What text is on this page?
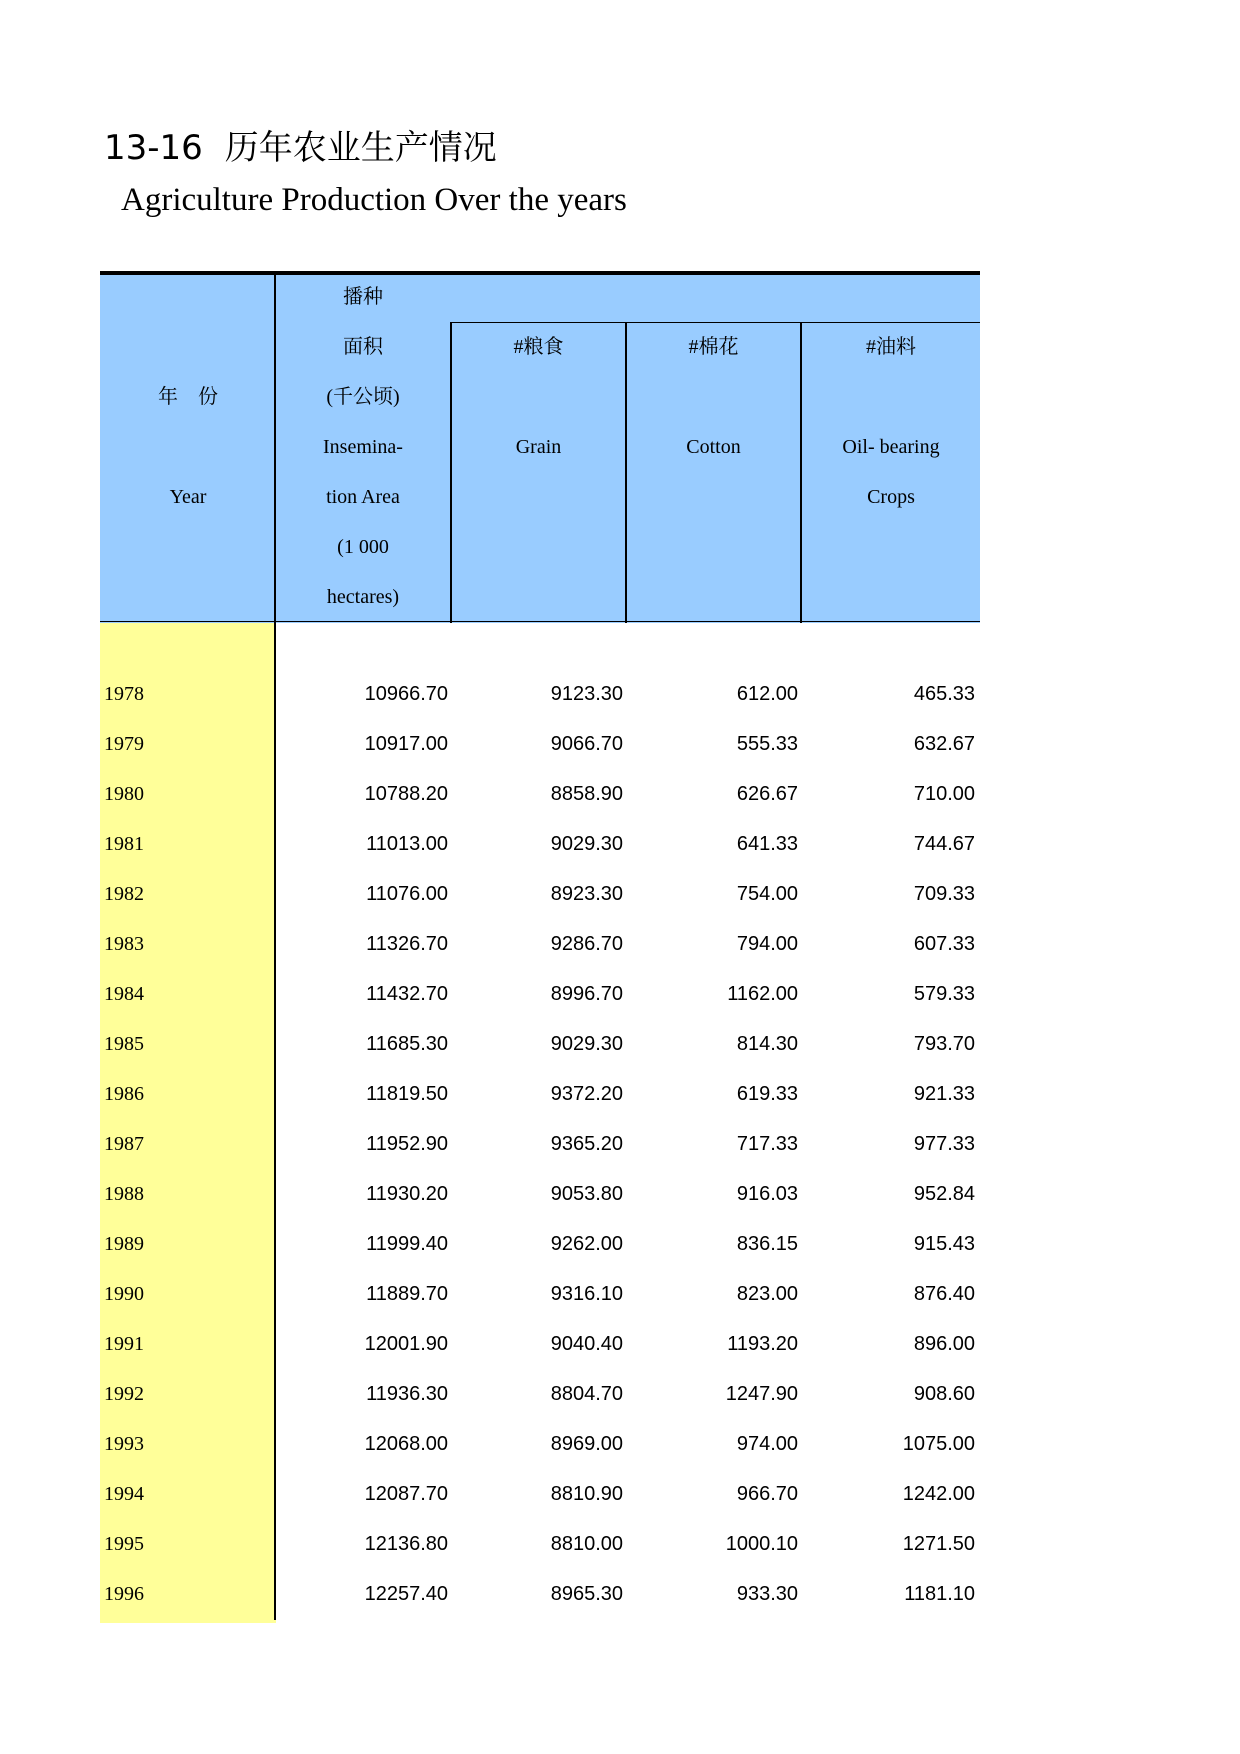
13-16 历年农业生产情况
Agriculture Production Over the years
年　份
Year
播种
面积
(千公顷)
Insemina-
tion Area
(1 000
hectares)
#粮食
Grain
#棉花
Cotton
#油料
Oil- bearing
Crops
1978	10966.70	9123.30	612.00	465.33
1979	10917.00	9066.70	555.33	632.67
1980	10788.20	8858.90	626.67	710.00
1981	11013.00	9029.30	641.33	744.67
1982	11076.00	8923.30	754.00	709.33
1983	11326.70	9286.70	794.00	607.33
1984	11432.70	8996.70	1162.00	579.33
1985	11685.30	9029.30	814.30	793.70
1986	11819.50	9372.20	619.33	921.33
1987	11952.90	9365.20	717.33	977.33
1988	11930.20	9053.80	916.03	952.84
1989	11999.40	9262.00	836.15	915.43
1990	11889.70	9316.10	823.00	876.40
1991	12001.90	9040.40	1193.20	896.00
1992	11936.30	8804.70	1247.90	908.60
1993	12068.00	8969.00	974.00	1075.00
1994	12087.70	8810.90	966.70	1242.00
1995	12136.80	8810.00	1000.10	1271.50
1996	12257.40	8965.30	933.30	1181.10
